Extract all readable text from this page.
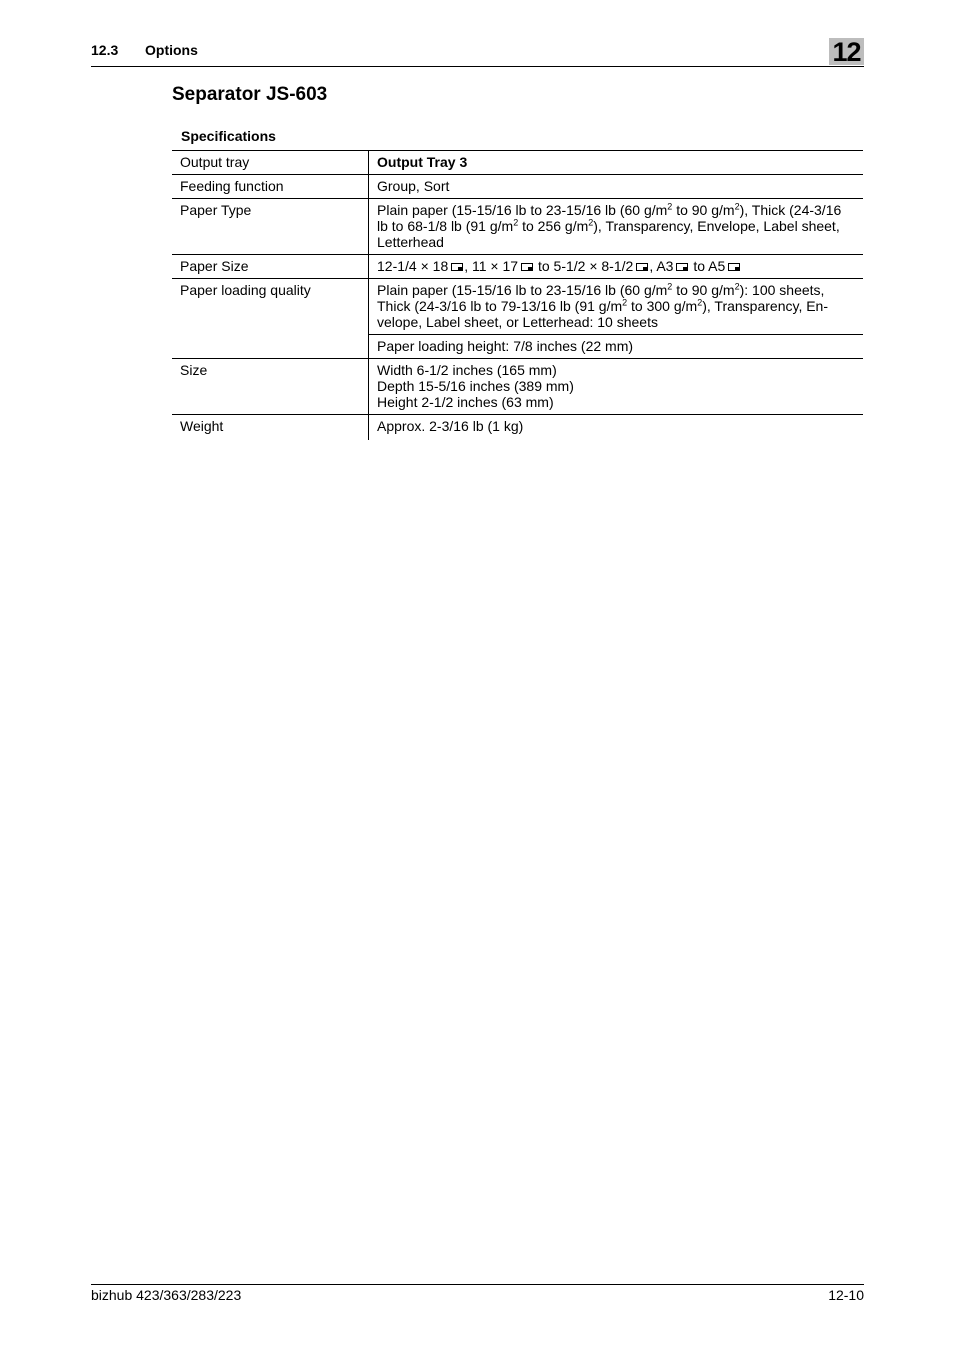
12.3 Options	12
Separator JS-603
Specifications
Output tray	Output Tray 3
Feeding function	Group, Sort
Paper Type	Plain paper (15-15/16 lb to 23-15/16 lb (60 $g/m^2$ to 90 $g/m^2$), Thick (24-3/16
lb to 68-1/8 lb (91 $g/m^2$ to 256 $g/m^2$), Transparency, Envelope, Label sheet,
Letterhead

Paper Size	12-1/4 × 18 , 11 × 17 to 5-1/2 × 8-1/2 , A3 to A5
Paper loading quality	Plain paper (15-15/16 lb to 23-15/16 lb (60 $g/m^2$ to 90 $g/m^2$): 100 sheets,
Thick (24-3/16 lb to 79-13/16 lb (91 $g/m^2$ to 300 $g/m^2$), Transparency, En-
velope, Label sheet, or Letterhead: 10 sheets

	Paper loading height: 7/8 inches (22 mm)
Size	Width 6-1/2 inches (165 mm)
Depth 15-5/16 inches (389 mm)
Height 2-1/2 inches (63 mm)

Weight	Approx. 2-3/16 lb (1 kg)
bizhub 423/363/283/223	12-10
